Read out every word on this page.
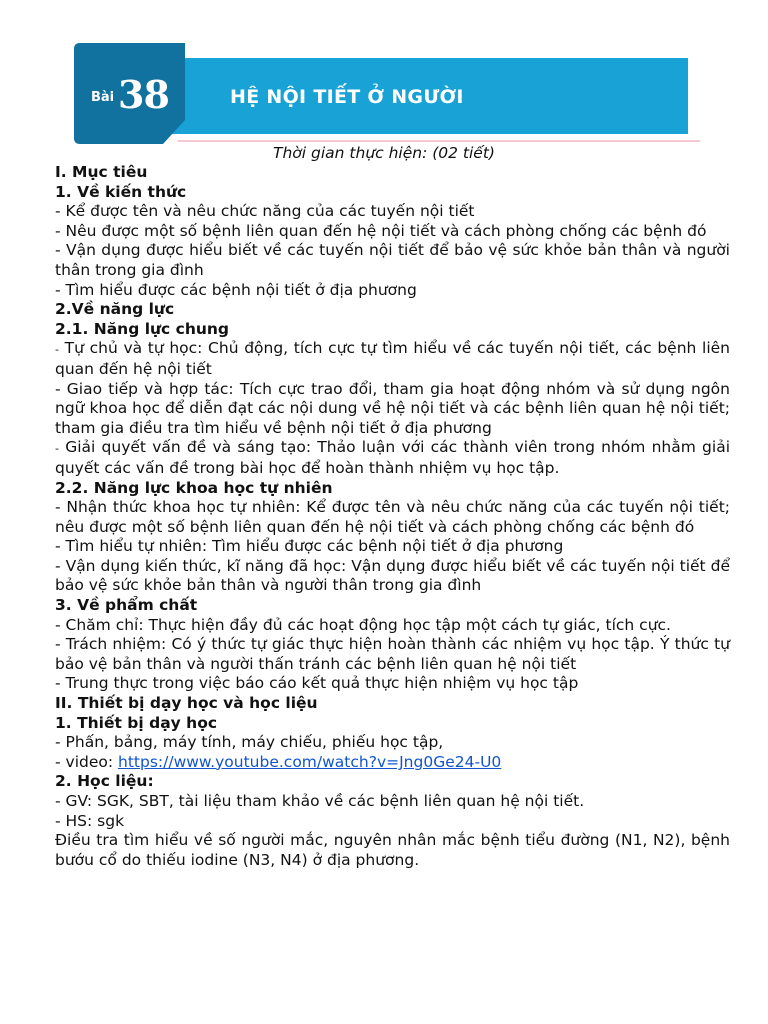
Bài 38	HỆ NỘI TIẾT Ở NGƯỜI
Thời gian thực hiện: (02 tiết)

I. Mục tiêu

1. Về kiến thức

- Kể được tên và nêu chức năng của các tuyến nội tiết

- Nêu được một số bệnh liên quan đến hệ nội tiết và cách phòng chống các bệnh đó

- Vận dụng được hiểu biết về các tuyến nội tiết để bảo vệ sức khỏe bản thân và người thân trong gia đình

- Tìm hiểu được các bệnh nội tiết ở địa phương

2.Về năng lực

2.1. Năng lực chung

- Tự chủ và tự học: Chủ động, tích cực tự tìm hiểu về các tuyến nội tiết, các bệnh liên quan đến hệ nội tiết

- Giao tiếp và hợp tác: Tích cực trao đổi, tham gia hoạt động nhóm và sử dụng ngôn ngữ khoa học để diễn đạt các nội dung về hệ nội tiết và các bệnh liên quan hệ nội tiết; tham gia điều tra tìm hiểu về bệnh nội tiết ở địa phương

- Giải quyết vấn đề và sáng tạo: Thảo luận với các thành viên trong nhóm nhằm giải quyết các vấn đề trong bài học để hoàn thành nhiệm vụ học tập.

2.2. Năng lực khoa học tự nhiên

- Nhận thức khoa học tự nhiên: Kể được tên và nêu chức năng của các tuyến nội tiết; nêu được một số bệnh liên quan đến hệ nội tiết và cách phòng chống các bệnh đó

- Tìm hiểu tự nhiên: Tìm hiểu được các bệnh nội tiết ở địa phương

- Vận dụng kiến thức, kĩ năng đã học: Vận dụng được hiểu biết về các tuyến nội tiết để bảo vệ sức khỏe bản thân và người thân trong gia đình

3. Về phẩm chất

- Chăm chỉ: Thực hiện đầy đủ các hoạt động học tập một cách tự giác, tích cực.

- Trách nhiệm: Có ý thức tự giác thực hiện hoàn thành các nhiệm vụ học tập. Ý thức tự bảo vệ bản thân và người thấn tránh các bệnh liên quan hệ nội tiết

- Trung thực trong việc báo cáo kết quả thực hiện nhiệm vụ học tập

II. Thiết bị dạy học và học liệu

1. Thiết bị dạy học

- Phấn, bảng, máy tính, máy chiếu, phiếu học tập,

- video: https://www.youtube.com/watch?v=Jng0Ge24-U0

2. Học liệu:

- GV: SGK, SBT, tài liệu tham khảo về các bệnh liên quan hệ nội tiết.

- HS: sgk

Điều tra tìm hiểu về số người mắc, nguyên nhân mắc bệnh tiểu đường (N1, N2), bệnh bướu cổ do thiếu iodine (N3, N4) ở địa phương.
